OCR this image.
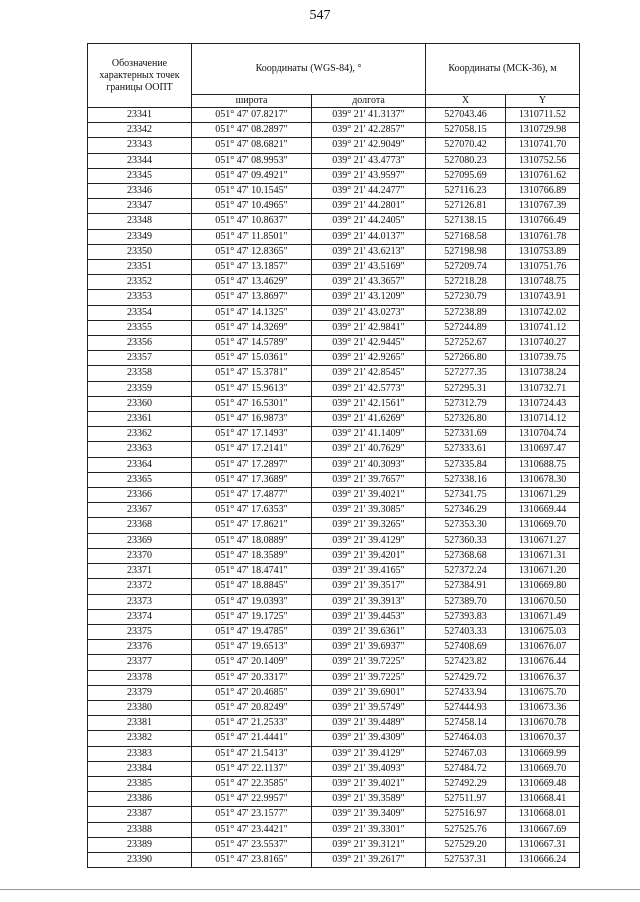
547
Обозначение характерных точек границы ООПТ	Координаты (WGS-84), °		Координаты (МСК-36), м	
	широта	долгота	X	Y
23341	051° 47' 07.8217"	039° 21' 41.3137"	527043.46	1310711.52
23342	051° 47' 08.2897"	039° 21' 42.2857"	527058.15	1310729.98
23343	051° 47' 08.6821"	039° 21' 42.9049"	527070.42	1310741.70
23344	051° 47' 08.9953"	039° 21' 43.4773"	527080.23	1310752.56
23345	051° 47' 09.4921"	039° 21' 43.9597"	527095.69	1310761.62
23346	051° 47' 10.1545"	039° 21' 44.2477"	527116.23	1310766.89
23347	051° 47' 10.4965"	039° 21' 44.2801"	527126.81	1310767.39
23348	051° 47' 10.8637"	039° 21' 44.2405"	527138.15	1310766.49
23349	051° 47' 11.8501"	039° 21' 44.0137"	527168.58	1310761.78
23350	051° 47' 12.8365"	039° 21' 43.6213"	527198.98	1310753.89
23351	051° 47' 13.1857"	039° 21' 43.5169"	527209.74	1310751.76
23352	051° 47' 13.4629"	039° 21' 43.3657"	527218.28	1310748.75
23353	051° 47' 13.8697"	039° 21' 43.1209"	527230.79	1310743.91
23354	051° 47' 14.1325"	039° 21' 43.0273"	527238.89	1310742.02
23355	051° 47' 14.3269"	039° 21' 42.9841"	527244.89	1310741.12
23356	051° 47' 14.5789"	039° 21' 42.9445"	527252.67	1310740.27
23357	051° 47' 15.0361"	039° 21' 42.9265"	527266.80	1310739.75
23358	051° 47' 15.3781"	039° 21' 42.8545"	527277.35	1310738.24
23359	051° 47' 15.9613"	039° 21' 42.5773"	527295.31	1310732.71
23360	051° 47' 16.5301"	039° 21' 42.1561"	527312.79	1310724.43
23361	051° 47' 16.9873"	039° 21' 41.6269"	527326.80	1310714.12
23362	051° 47' 17.1493"	039° 21' 41.1409"	527331.69	1310704.74
23363	051° 47' 17.2141"	039° 21' 40.7629"	527333.61	1310697.47
23364	051° 47' 17.2897"	039° 21' 40.3093"	527335.84	1310688.75
23365	051° 47' 17.3689"	039° 21' 39.7657"	527338.16	1310678.30
23366	051° 47' 17.4877"	039° 21' 39.4021"	527341.75	1310671.29
23367	051° 47' 17.6353"	039° 21' 39.3085"	527346.29	1310669.44
23368	051° 47' 17.8621"	039° 21' 39.3265"	527353.30	1310669.70
23369	051° 47' 18.0889"	039° 21' 39.4129"	527360.33	1310671.27
23370	051° 47' 18.3589"	039° 21' 39.4201"	527368.68	1310671.31
23371	051° 47' 18.4741"	039° 21' 39.4165"	527372.24	1310671.20
23372	051° 47' 18.8845"	039° 21' 39.3517"	527384.91	1310669.80
23373	051° 47' 19.0393"	039° 21' 39.3913"	527389.70	1310670.50
23374	051° 47' 19.1725"	039° 21' 39.4453"	527393.83	1310671.49
23375	051° 47' 19.4785"	039° 21' 39.6361"	527403.33	1310675.03
23376	051° 47' 19.6513"	039° 21' 39.6937"	527408.69	1310676.07
23377	051° 47' 20.1409"	039° 21' 39.7225"	527423.82	1310676.44
23378	051° 47' 20.3317"	039° 21' 39.7225"	527429.72	1310676.37
23379	051° 47' 20.4685"	039° 21' 39.6901"	527433.94	1310675.70
23380	051° 47' 20.8249"	039° 21' 39.5749"	527444.93	1310673.36
23381	051° 47' 21.2533"	039° 21' 39.4489"	527458.14	1310670.78
23382	051° 47' 21.4441"	039° 21' 39.4309"	527464.03	1310670.37
23383	051° 47' 21.5413"	039° 21' 39.4129"	527467.03	1310669.99
23384	051° 47' 22.1137"	039° 21' 39.4093"	527484.72	1310669.70
23385	051° 47' 22.3585"	039° 21' 39.4021"	527492.29	1310669.48
23386	051° 47' 22.9957"	039° 21' 39.3589"	527511.97	1310668.41
23387	051° 47' 23.1577"	039° 21' 39.3409"	527516.97	1310668.01
23388	051° 47' 23.4421"	039° 21' 39.3301"	527525.76	1310667.69
23389	051° 47' 23.5537"	039° 21' 39.3121"	527529.20	1310667.31
23390	051° 47' 23.8165"	039° 21' 39.2617"	527537.31	1310666.24
